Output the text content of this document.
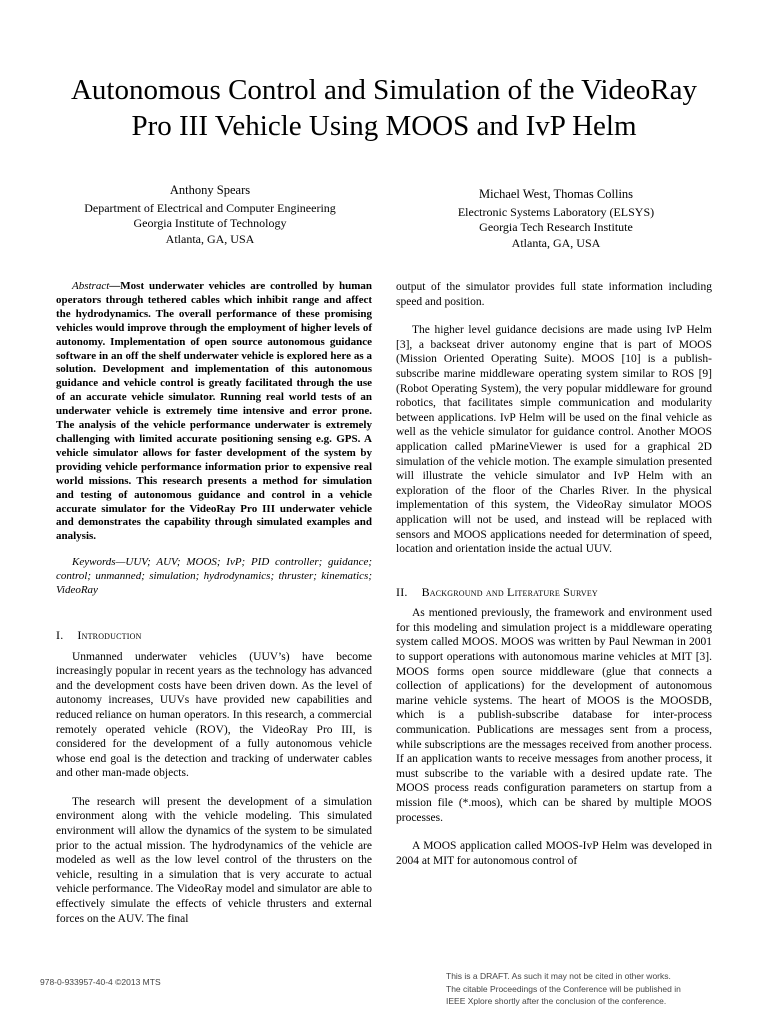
Autonomous Control and Simulation of the VideoRay
Pro III Vehicle Using MOOS and IvP Helm
Anthony Spears
Department of Electrical and Computer Engineering
Georgia Institute of Technology
Atlanta, GA, USA
Michael West, Thomas Collins
Electronic Systems Laboratory (ELSYS)
Georgia Tech Research Institute
Atlanta, GA, USA

Abstract—Most underwater vehicles are controlled by human operators through tethered cables which inhibit range and affect the hydrodynamics. The overall performance of these promising vehicles would improve through the employment of higher levels of autonomy. Implementation of open source autonomous guidance software in an off the shelf underwater vehicle is explored here as a solution. Development and implementation of this autonomous guidance and vehicle control is greatly facilitated through the use of an accurate vehicle simulator. Running real world tests of an underwater vehicle is extremely time intensive and error prone. The analysis of the vehicle performance underwater is extremely challenging with limited accurate positioning sensing e.g. GPS. A vehicle simulator allows for faster development of the system by providing vehicle performance information prior to expensive real world missions. This research presents a method for simulation and testing of autonomous guidance and control in a vehicle accurate simulator for the VideoRay Pro III underwater vehicle and demonstrates the capability through simulated examples and analysis.

Keywords—UUV; AUV; MOOS; IvP; PID controller; guidance; control; unmanned; simulation; hydrodynamics; thruster; kinematics; VideoRay

I. Introduction

Unmanned underwater vehicles (UUV’s) have become increasingly popular in recent years as the technology has advanced and the development costs have been driven down. As the level of autonomy increases, UUVs have provided new capabilities and reduced reliance on human operators. In this research, a commercial remotely operated vehicle (ROV), the VideoRay Pro III, is considered for the development of a fully autonomous vehicle whose end goal is the detection and tracking of underwater cables and other man-made objects.

The research will present the development of a simulation environment along with the vehicle modeling. This simulated environment will allow the dynamics of the system to be simulated prior to the actual mission. The hydrodynamics of the vehicle are modeled as well as the low level control of the thrusters on the vehicle, resulting in a simulation that is very accurate to actual vehicle performance. The VideoRay model and simulator are able to effectively simulate the effects of vehicle thrusters and external forces on the AUV. The final

output of the simulator provides full state information including speed and position.

The higher level guidance decisions are made using IvP Helm [3], a backseat driver autonomy engine that is part of MOOS (Mission Oriented Operating Suite). MOOS [10] is a publish-subscribe marine middleware operating system similar to ROS [9] (Robot Operating System), the very popular middleware for ground robotics, that facilitates simple communication and modularity between applications. IvP Helm will be used on the final vehicle as well as the vehicle simulator for guidance control. Another MOOS application called pMarineViewer is used for a graphical 2D simulation of the vehicle motion. The example simulation presented will illustrate the vehicle simulator and IvP Helm with an exploration of the floor of the Charles River. In the physical implementation of this system, the VideoRay simulator MOOS application will not be used, and instead will be replaced with sensors and MOOS applications needed for determination of speed, location and orientation inside the actual UUV.

II. Background and Literature Survey

As mentioned previously, the framework and environment used for this modeling and simulation project is a middleware operating system called MOOS. MOOS was written by Paul Newman in 2001 to support operations with autonomous marine vehicles at MIT [3]. MOOS forms open source middleware (glue that connects a collection of applications) for the development of autonomous marine vehicle systems. The heart of MOOS is the MOOSDB, which is a publish-subscribe database for inter-process communication. Publications are messages sent from a process, while subscriptions are the messages received from another process. If an application wants to receive messages from another process, it must subscribe to the variable with a desired update rate. The MOOS process reads configuration parameters on startup from a mission file (*.moos), which can be shared by multiple MOOS processes.

A MOOS application called MOOS-IvP Helm was developed in 2004 at MIT for autonomous control of

978-0-933957-40-4 ©2013 MTS
This is a DRAFT. As such it may not be cited in other works.
The citable Proceedings of the Conference will be published in
IEEE Xplore shortly after the conclusion of the conference.
